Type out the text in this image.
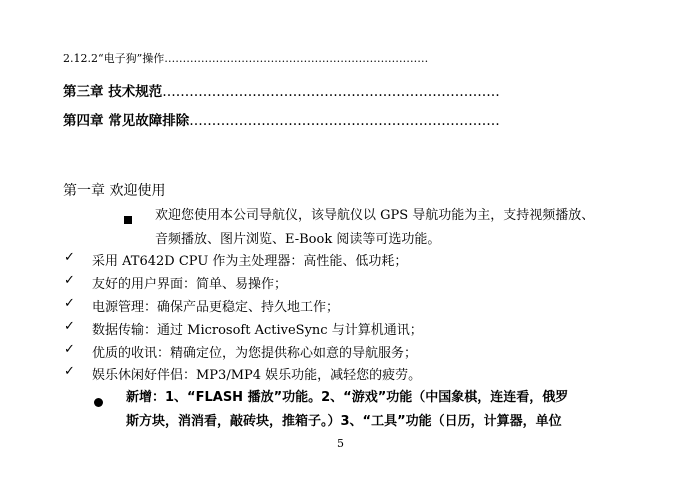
2.12.2“电子狗”操作………………………………………………………………
第三章 技术规范…………………………………………………………………
第四章 常见故障排除……………………………………………………………
第一章 欢迎使用
欢迎您使用本公司导航仪，该导航仪以 GPS 导航功能为主，支持视频播放、
音频播放、图片浏览、E-Book 阅读等可选功能。
✓ 采用 AT642D CPU 作为主处理器：高性能、低功耗；
✓ 友好的用户界面：简单、易操作；
✓ 电源管理：确保产品更稳定、持久地工作；
✓ 数据传输：通过 Microsoft ActiveSync 与计算机通讯；
✓ 优质的收讯：精确定位，为您提供称心如意的导航服务；
✓ 娱乐休闲好伴侣：MP3/MP4 娱乐功能，减轻您的疲劳。
新增：1、“FLASH 播放”功能。2、“游戏”功能（中国象棋，连连看，俄罗
斯方块，消消看，敲砖块，推箱子。）3、“工具”功能（日历，计算器，单位
5
